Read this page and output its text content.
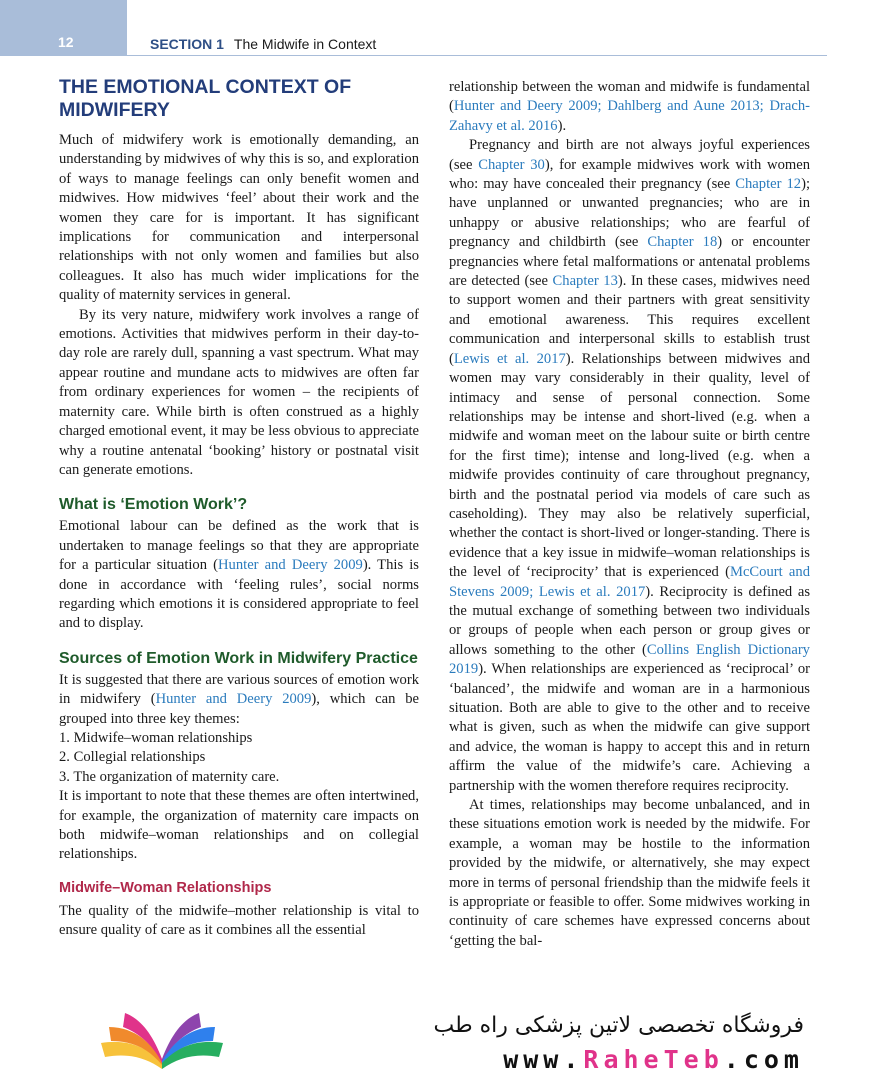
12	SECTION 1 The Midwife in Context
THE EMOTIONAL CONTEXT OF MIDWIFERY

Much of midwifery work is emotionally demanding, an understanding by midwives of why this is so, and exploration of ways to manage feelings can only benefit women and midwives. How midwives ‘feel’ about their work and the women they care for is important. It has significant implications for communication and interpersonal relationships with not only women and families but also colleagues. It also has much wider implications for the quality of maternity services in general.

By its very nature, midwifery work involves a range of emotions. Activities that midwives perform in their day-to-day role are rarely dull, spanning a vast spectrum. What may appear routine and mundane acts to midwives are often far from ordinary experiences for women – the recipients of maternity care. While birth is often construed as a highly charged emotional event, it may be less obvious to appreciate why a routine antenatal ‘booking’ history or postnatal visit can generate emotions.

What is ‘Emotion Work’?

Emotional labour can be defined as the work that is undertaken to manage feelings so that they are appropriate for a particular situation (Hunter and Deery 2009). This is done in accordance with ‘feeling rules’, social norms regarding which emotions it is considered appropriate to feel and to display.

Sources of Emotion Work in Midwifery Practice

It is suggested that there are various sources of emotion work in midwifery (Hunter and Deery 2009), which can be grouped into three key themes:

1. Midwife–woman relationships
2. Collegial relationships
3. The organization of maternity care.

It is important to note that these themes are often intertwined, for example, the organization of maternity care impacts on both midwife–woman relationships and on collegial relationships.

Midwife–Woman Relationships

The quality of the midwife–mother relationship is vital to ensure quality of care as it combines all the essential

relationship between the woman and midwife is fundamental (Hunter and Deery 2009; Dahlberg and Aune 2013; Drach-Zahavy et al. 2016).

Pregnancy and birth are not always joyful experiences (see Chapter 30), for example midwives work with women who: may have concealed their pregnancy (see Chapter 12); have unplanned or unwanted pregnancies; who are in unhappy or abusive relationships; who are fearful of pregnancy and childbirth (see Chapter 18) or encounter pregnancies where fetal malformations or antenatal problems are detected (see Chapter 13). In these cases, midwives need to support women and their partners with great sensitivity and emotional awareness. This requires excellent communication and interpersonal skills to establish trust (Lewis et al. 2017). Relationships between midwives and women may vary considerably in their quality, level of intimacy and sense of personal connection. Some relationships may be intense and short-lived (e.g. when a midwife and woman meet on the labour suite or birth centre for the first time); intense and long-lived (e.g. when a midwife provides continuity of care throughout pregnancy, birth and the postnatal period via models of care such as caseholding). They may also be relatively superficial, whether the contact is short-lived or longer-standing. There is evidence that a key issue in midwife–woman relationships is the level of ‘reciprocity’ that is experienced (McCourt and Stevens 2009; Lewis et al. 2017). Reciprocity is defined as the mutual exchange of something between two individuals or groups of people when each person or group gives or allows something to the other (Collins English Dictionary 2019). When relationships are experienced as ‘reciprocal’ or ‘balanced’, the midwife and woman are in a harmonious situation. Both are able to give to the other and to receive what is given, such as when the midwife can give support and advice, the woman is happy to accept this and in return affirm the value of the midwife’s care. Achieving a partnership with the women therefore requires reciprocity.

At times, relationships may become unbalanced, and in these situations emotion work is needed by the midwife. For example, a woman may be hostile to the information provided by the midwife, or alternatively, she may expect more in terms of personal friendship than the midwife feels it is appropriate or feasible to offer. Some midwives working in continuity of care schemes have expressed concerns about ‘getting the bal-

فروشگاه تخصصی لاتین پزشکی راه طب
www.RaheTeb.com
